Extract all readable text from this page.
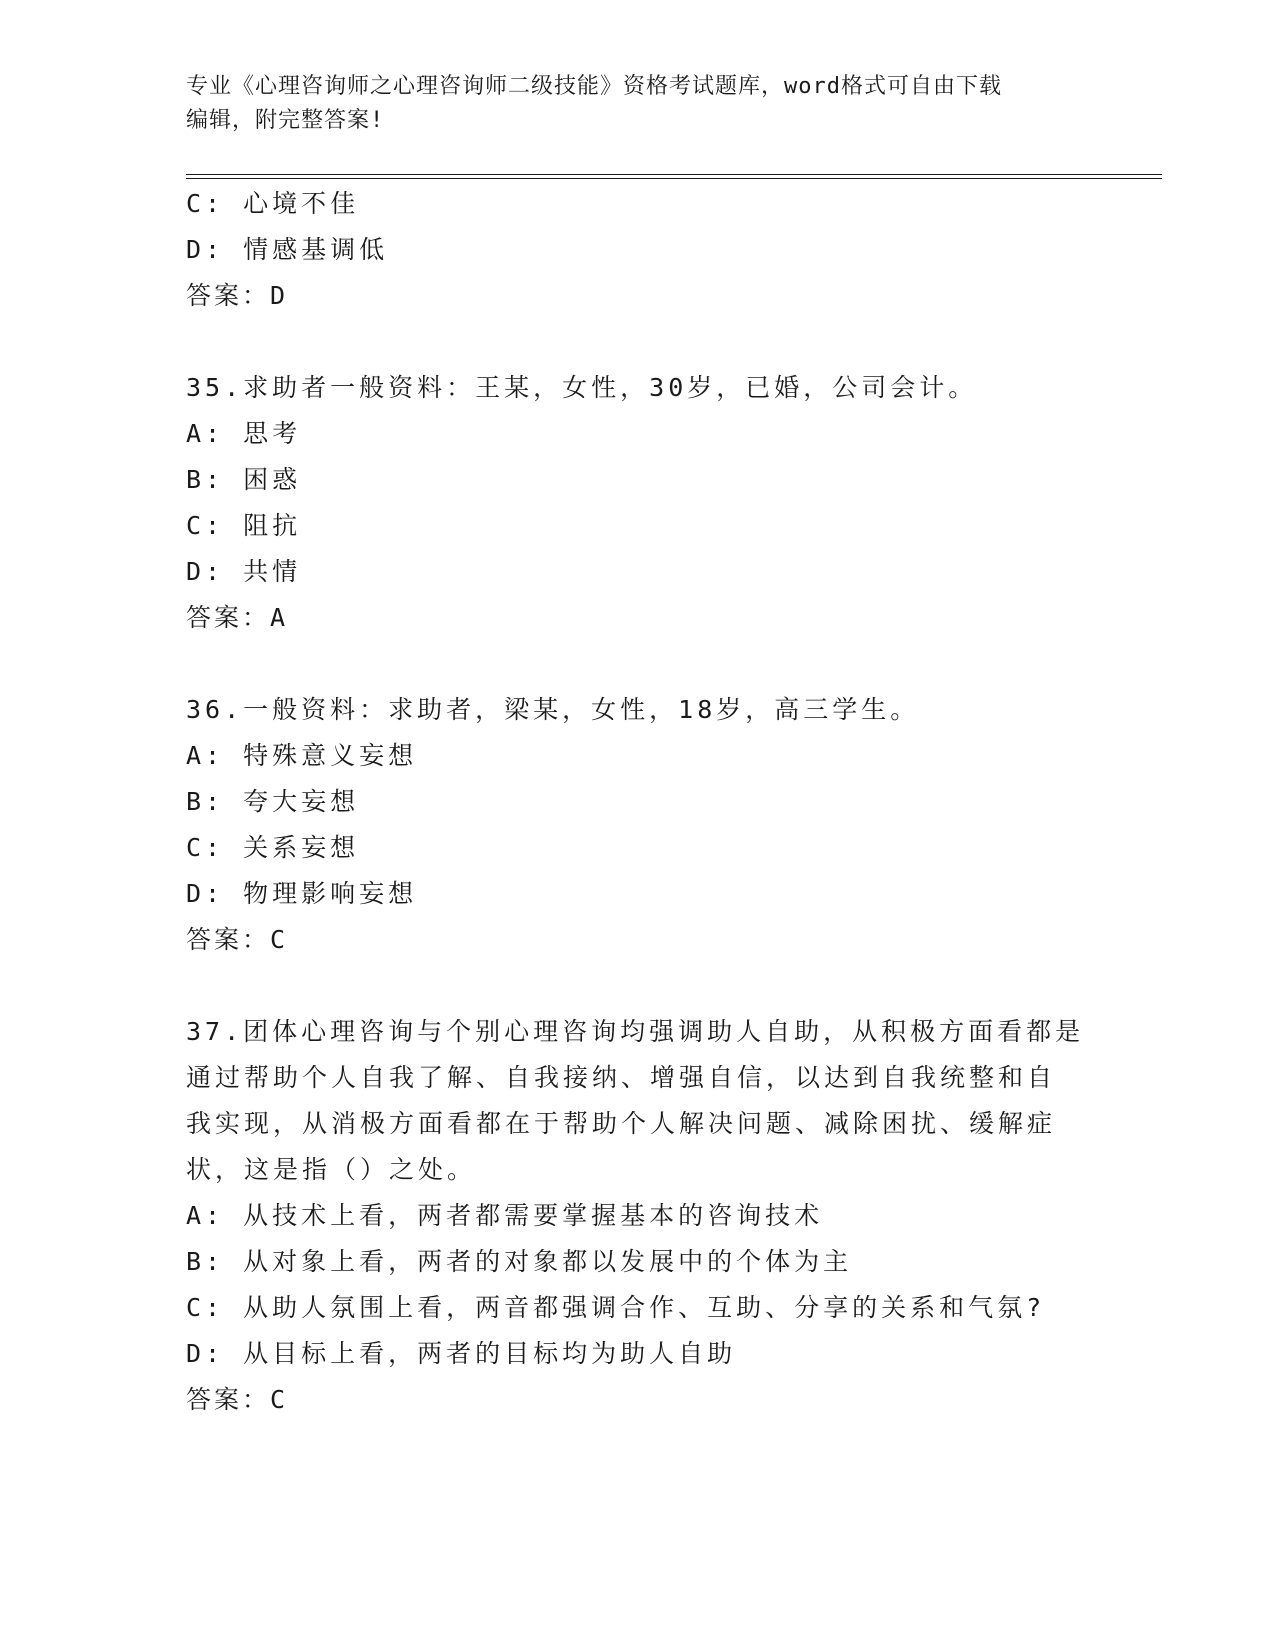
专业《心理咨询师之心理咨询师二级技能》资格考试题库，word格式可自由下载
编辑，附完整答案!
C: 心境不佳
D: 情感基调低
答案：D
35.求助者一般资料：王某，女性，30岁，已婚，公司会计。
A: 思考
B: 困惑
C: 阻抗
D: 共情
答案：A
36.一般资料：求助者，梁某，女性，18岁，高三学生。
A: 特殊意义妄想
B: 夸大妄想
C: 关系妄想
D: 物理影响妄想
答案：C
37.团体心理咨询与个别心理咨询均强调助人自助，从积极方面看都是
通过帮助个人自我了解、自我接纳、增强自信，以达到自我统整和自
我实现，从消极方面看都在于帮助个人解决问题、减除困扰、缓解症
状，这是指（）之处。
A: 从技术上看，两者都需要掌握基本的咨询技术
B: 从对象上看，两者的对象都以发展中的个体为主
C: 从助人氛围上看，两音都强调合作、互助、分享的关系和气氛?
D: 从目标上看，两者的目标均为助人自助
答案：C
